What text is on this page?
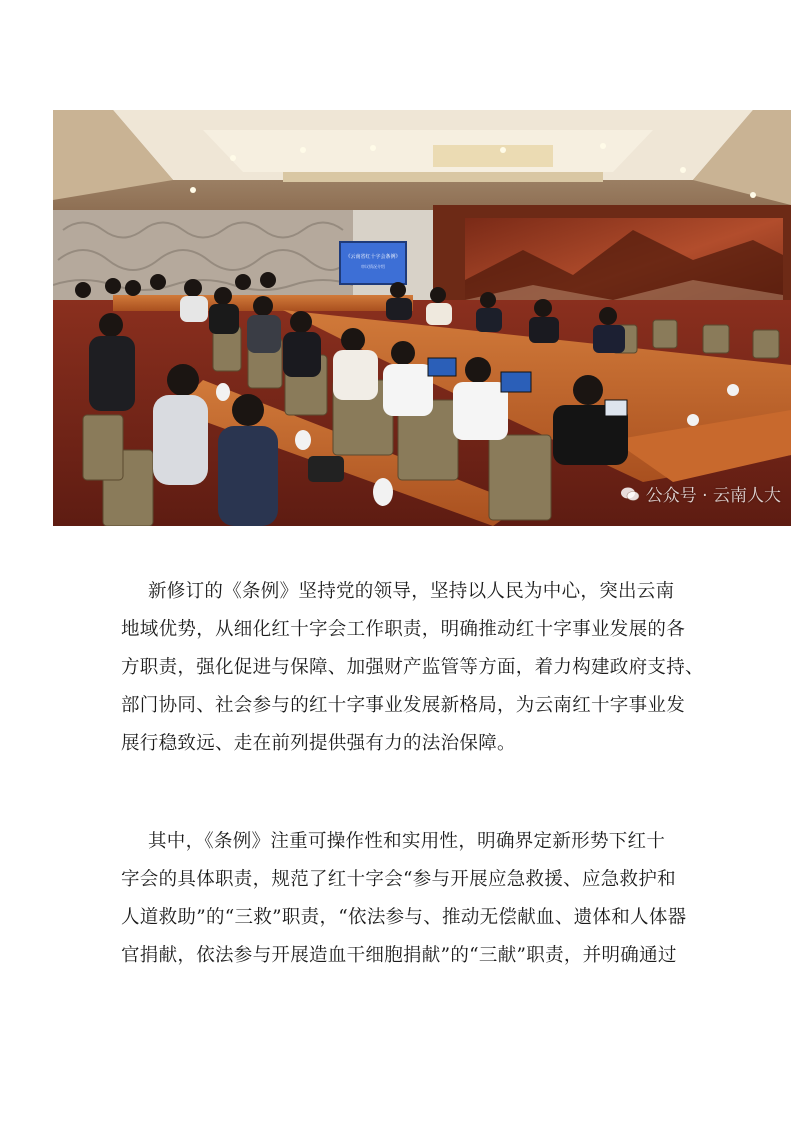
《云南省红十字会条例》
审议情况介绍
公众号 · 云南人大

新修订的《条例》坚持党的领导，坚持以人民为中心，突出云南
地域优势，从细化红十字会工作职责，明确推动红十字事业发展的各
方职责，强化促进与保障、加强财产监管等方面，着力构建政府支持、
部门协同、社会参与的红十字事业发展新格局，为云南红十字事业发
展行稳致远、走在前列提供强有力的法治保障。

其中，《条例》注重可操作性和实用性，明确界定新形势下红十
字会的具体职责，规范了红十字会“参与开展应急救援、应急救护和
人道救助”的“三救”职责，“依法参与、推动无偿献血、遗体和人体器
官捐献，依法参与开展造血干细胞捐献”的“三献”职责，并明确通过
